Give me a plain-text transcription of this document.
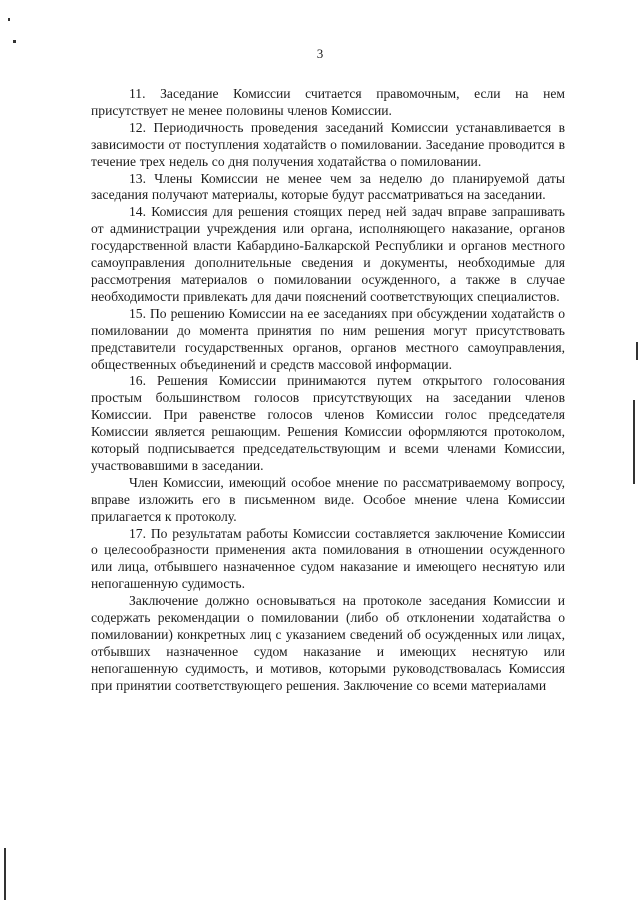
3

11. Заседание Комиссии считается правомочным, если на нем присутствует не менее половины членов Комиссии.

12. Периодичность проведения заседаний Комиссии устанавливается в зависимости от поступления ходатайств о помиловании. Заседание проводится в течение трех недель со дня получения ходатайства о помиловании.

13. Члены Комиссии не менее чем за неделю до планируемой даты заседания получают материалы, которые будут рассматриваться на заседании.

14. Комиссия для решения стоящих перед ней задач вправе запрашивать от администрации учреждения или органа, исполняющего наказание, органов государственной власти Кабардино-Балкарской Республики и органов местного самоуправления дополнительные сведения и документы, необходимые для рассмотрения материалов о помиловании осужденного, а также в случае необходимости привлекать для дачи пояснений соответствующих специалистов.

15. По решению Комиссии на ее заседаниях при обсуждении ходатайств о помиловании до момента принятия по ним решения могут присутствовать представители государственных органов, органов местного самоуправления, общественных объединений и средств массовой информации.

16. Решения Комиссии принимаются путем открытого голосования простым большинством голосов присутствующих на заседании членов Комиссии. При равенстве голосов членов Комиссии голос председателя Комиссии является решающим. Решения Комиссии оформляются протоколом, который подписывается председательствующим и всеми членами Комиссии, участвовавшими в заседании.

Член Комиссии, имеющий особое мнение по рассматриваемому вопросу, вправе изложить его в письменном виде. Особое мнение члена Комиссии прилагается к протоколу.

17. По результатам работы Комиссии составляется заключение Комиссии о целесообразности применения акта помилования в отношении осужденного или лица, отбывшего назначенное судом наказание и имеющего неснятую или непогашенную судимость.

Заключение должно основываться на протоколе заседания Комиссии и содержать рекомендации о помиловании (либо об отклонении ходатайства о помиловании) конкретных лиц с указанием сведений об осужденных или лицах, отбывших назначенное судом наказание и имеющих неснятую или непогашенную судимость, и мотивов, которыми руководствовалась Комиссия при принятии соответствующего решения. Заключение со всеми материалами
